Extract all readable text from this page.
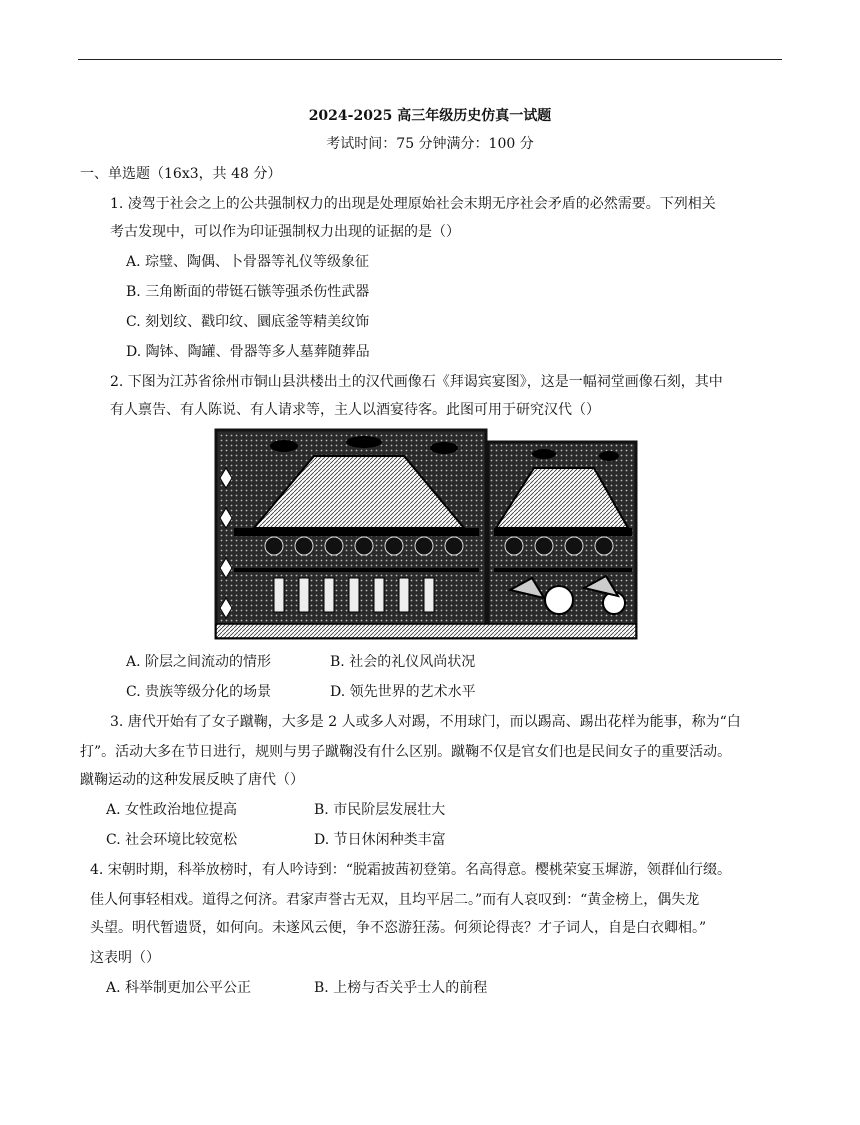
2024-2025 高三年级历史仿真一试题
考试时间：75 分钟满分：100 分
一、单选题（16x3，共 48 分）
1. 凌驾于社会之上的公共强制权力的出现是处理原始社会末期无序社会矛盾的必然需要。下列相关
考古发现中，可以作为印证强制权力出现的证据的是（）
A. 琮璧、陶偶、卜骨器等礼仪等级象征
B. 三角断面的带铤石镞等强杀伤性武器
C. 刻划纹、戳印纹、圜底釜等精美纹饰
D. 陶钵、陶罐、骨器等多人墓葬随葬品
2. 下图为江苏省徐州市铜山县洪楼出土的汉代画像石《拜谒宾宴图》，这是一幅祠堂画像石刻，其中
有人禀告、有人陈说、有人请求等，主人以酒宴待客。此图可用于研究汉代（）
A. 阶层之间流动的情形	B. 社会的礼仪风尚状况
C. 贵族等级分化的场景	D. 领先世界的艺术水平
3. 唐代开始有了女子蹴鞠，大多是 2 人或多人对踢，不用球门，而以踢高、踢出花样为能事，称为“白
打”。活动大多在节日进行，规则与男子蹴鞠没有什么区别。蹴鞠不仅是官女们也是民间女子的重要活动。
蹴鞠运动的这种发展反映了唐代（）
A. 女性政治地位提高	B. 市民阶层发展壮大
C. 社会环境比较宽松	D. 节日休闲种类丰富
4. 宋朝时期，科举放榜时，有人吟诗到：“脱霜披茜初登第。名高得意。樱桃荣宴玉墀游，领群仙行缀。
佳人何事轻相戏。道得之何济。君家声誉古无双，且均平居二。”而有人哀叹到：“黄金榜上，偶失龙
头望。明代暂遗贤，如何向。未遂风云便，争不恣游狂荡。何须论得丧？才子词人，自是白衣卿相。”
这表明（）
A. 科举制更加公平公正	B. 上榜与否关乎士人的前程
